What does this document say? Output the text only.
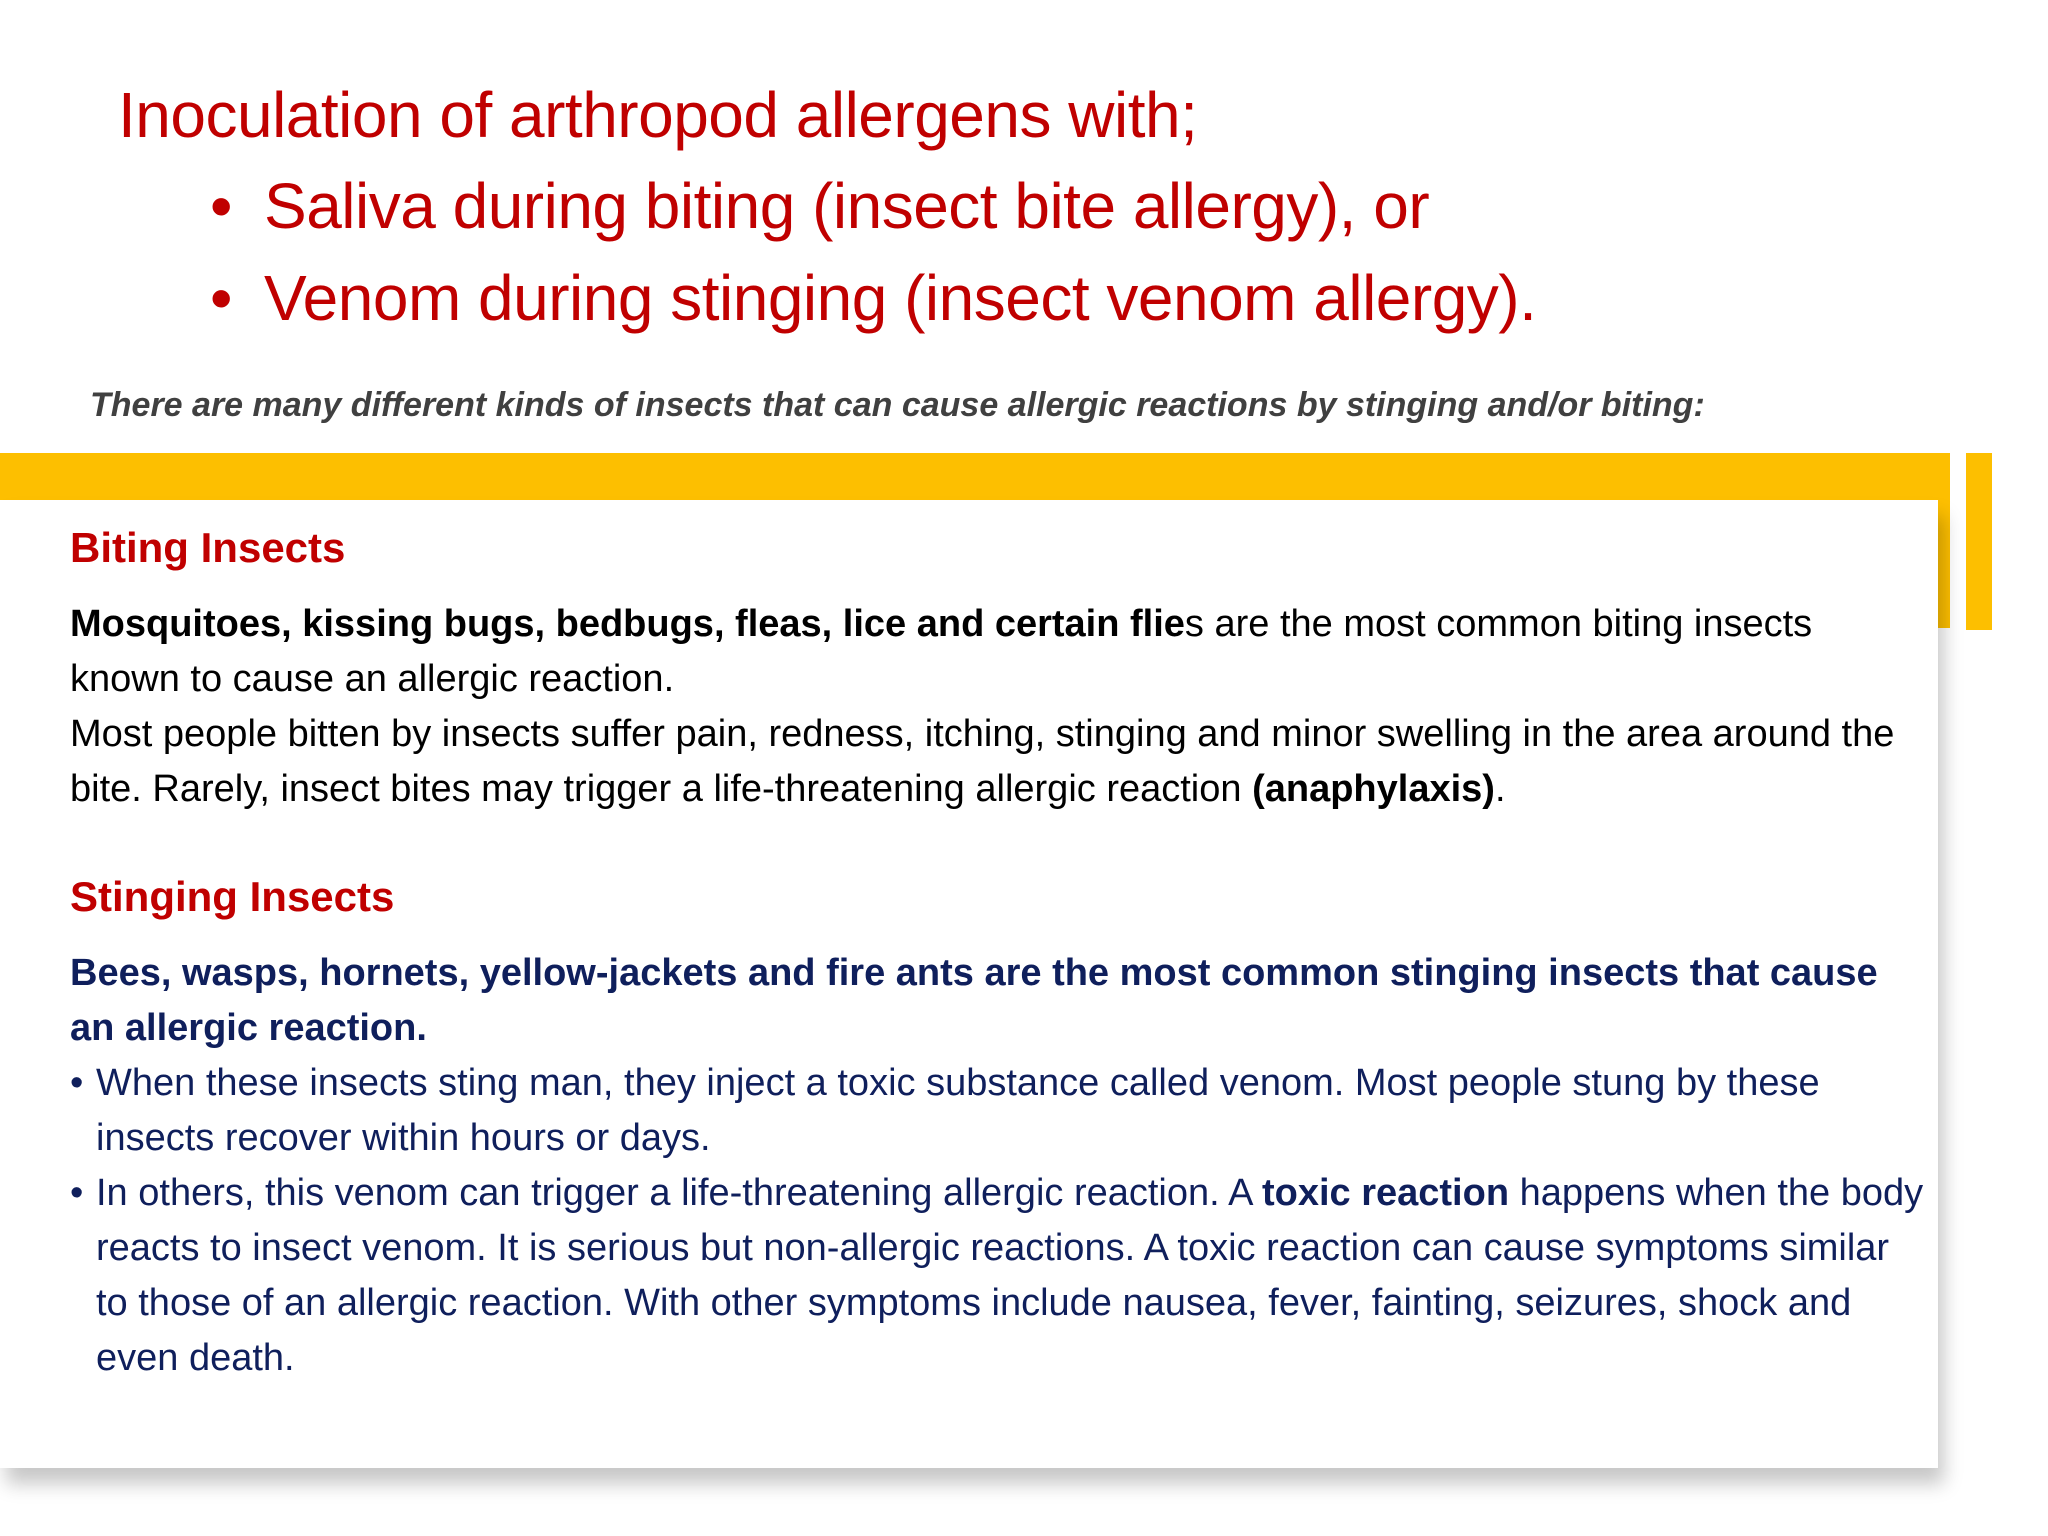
Inoculation of arthropod allergens with;
• Saliva during biting (insect bite allergy), or
• Venom during stinging (insect venom allergy).
There are many different kinds of insects that can cause allergic reactions by stinging and/or biting:
Biting Insects

Mosquitoes, kissing bugs, bedbugs, fleas, lice and certain flies are the most common biting insects known to cause an allergic reaction.

Most people bitten by insects suffer pain, redness, itching, stinging and minor swelling in the area around the bite. Rarely, insect bites may trigger a life-threatening allergic reaction (anaphylaxis).

Stinging Insects
Bees, wasps, hornets, yellow-jackets and fire ants are the most common stinging insects that cause an allergic reaction.
• When these insects sting man, they inject a toxic substance called venom. Most people stung by these insects recover within hours or days.
• In others, this venom can trigger a life-threatening allergic reaction. A toxic reaction happens when the body reacts to insect venom. It is serious but non-allergic reactions. A toxic reaction can cause symptoms similar to those of an allergic reaction. With other symptoms include nausea, fever, fainting, seizures, shock and even death.
